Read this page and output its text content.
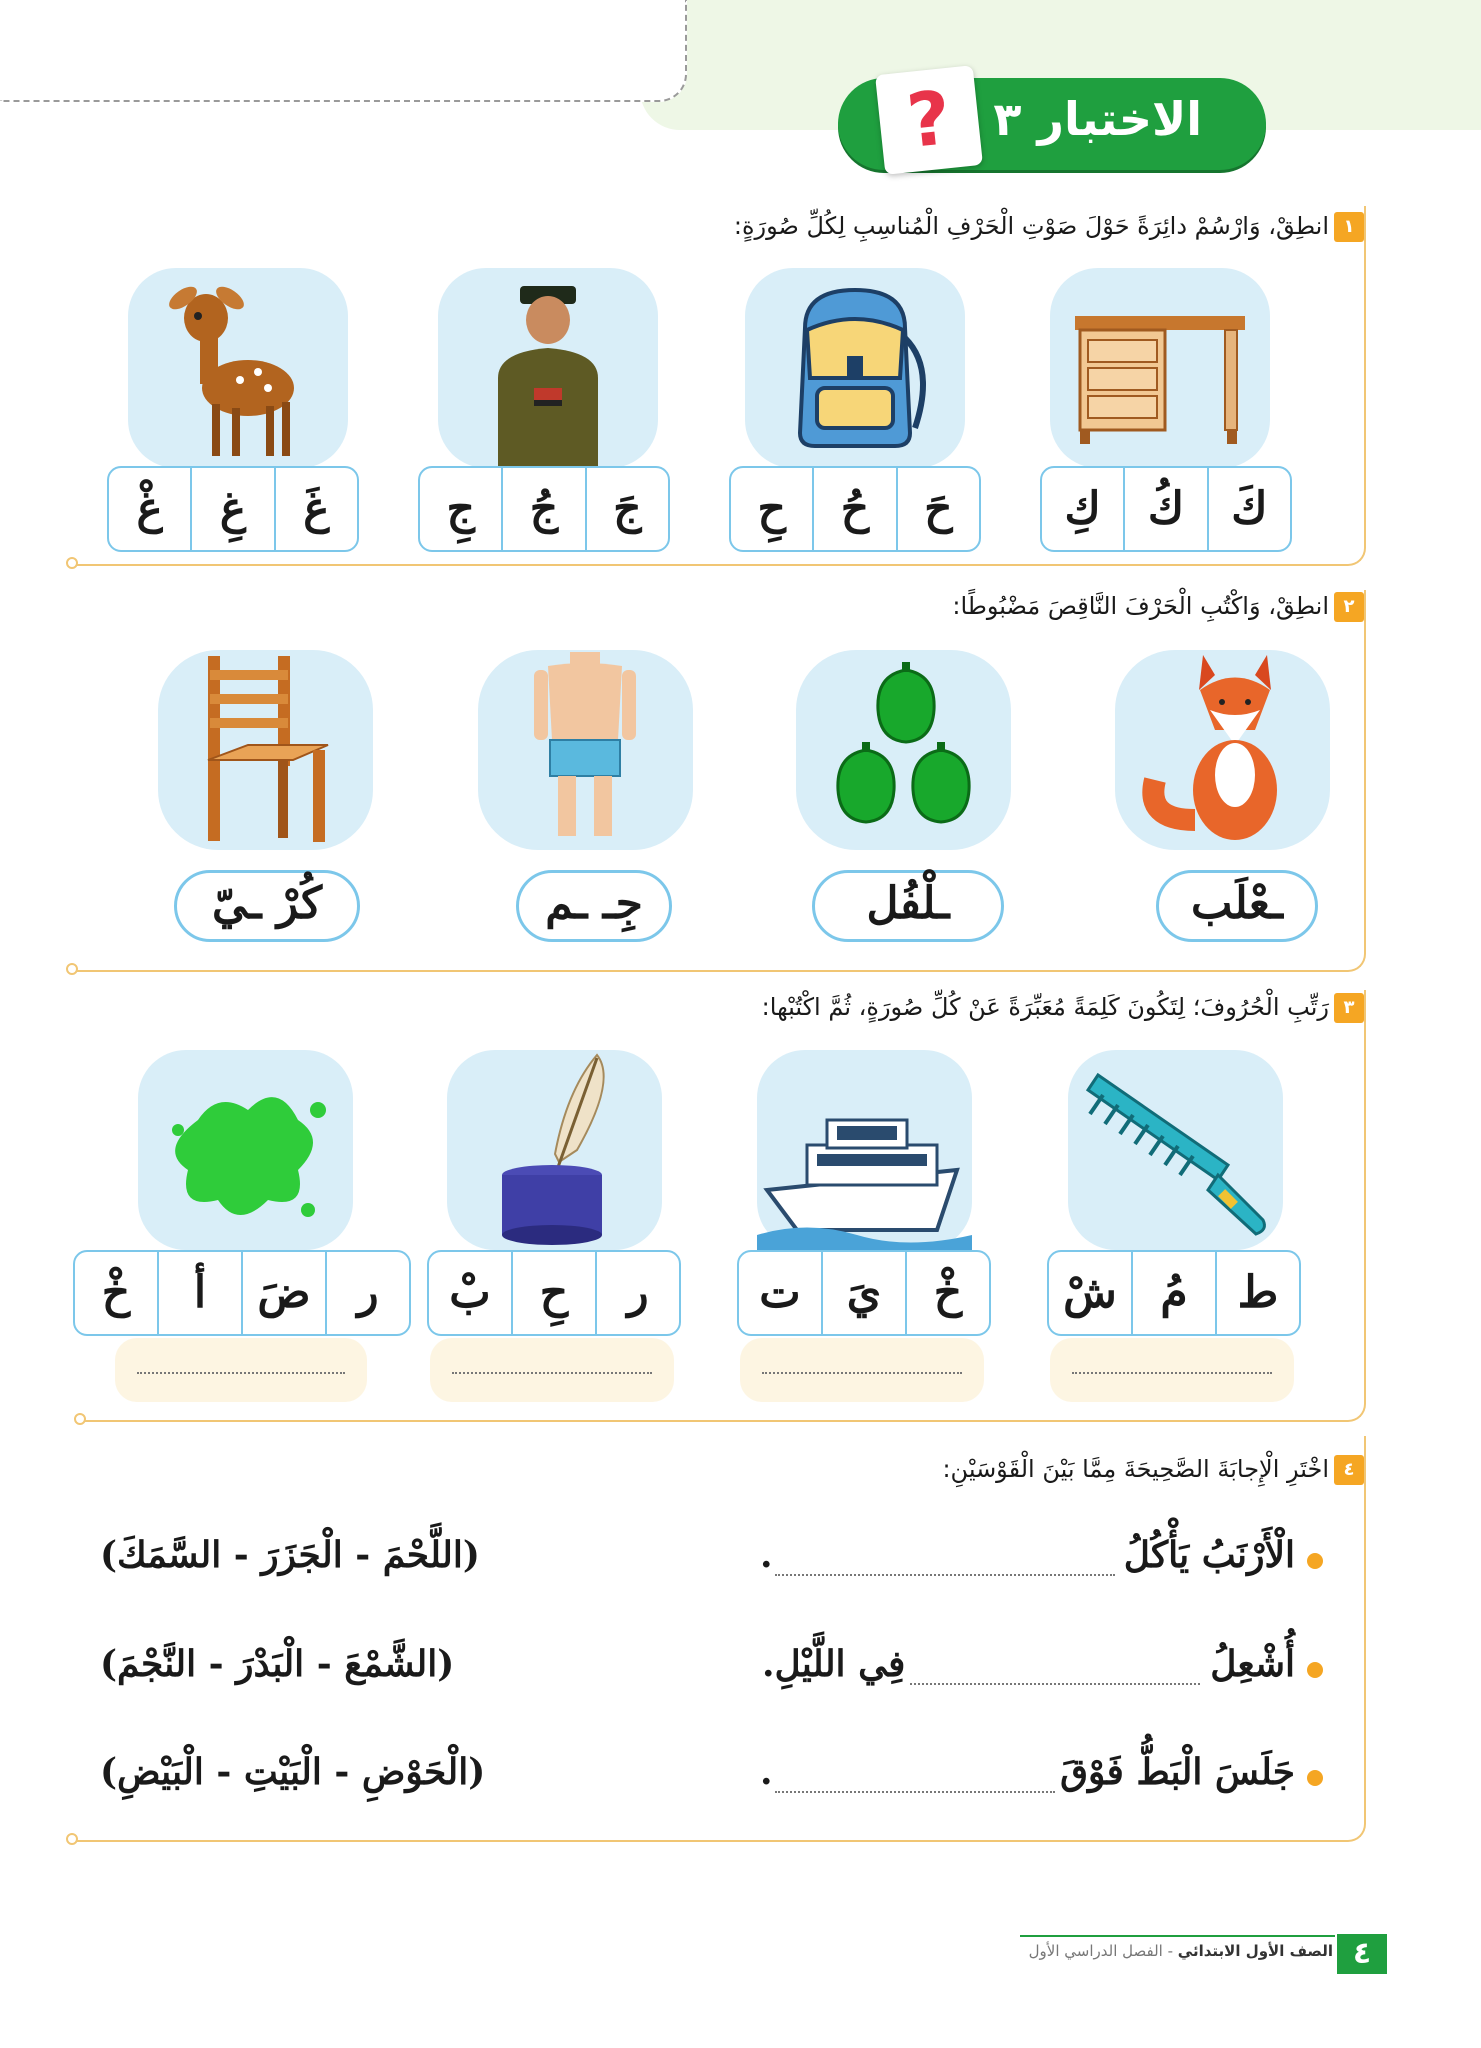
? الاختبار ٣
١
انطِقْ، وَارْسُمْ دائِرَةً حَوْلَ صَوْتِ الْحَرْفِ الْمُناسِبِ لِكُلِّ صُورَةٍ:
كَ
كُ
كِ
حَ
حُ
حِ
جَ
جُ
جِ
غَ
غِ
غْ
٢
انطِقْ، وَاكْتُبِ الْحَرْفَ النَّاقِصَ مَضْبُوطًا:
ـعْلَب
ـلْفُل
جِـ ـم
كُرْ ـيّ
٣
رَتِّبِ الْحُرُوفَ؛ لِتَكُونَ كَلِمَةً مُعَبِّرَةً عَنْ كُلِّ صُورَةٍ، ثُمَّ اكْتُبْها:
ط
مُ
شْ
خْ
يَ
ت
ر
حِ
بْ
ر
ضَ
أ
خْ
٤
اخْتَرِ الْإِجابَةَ الصَّحِيحَةَ مِمَّا بَيْنَ الْقَوْسَيْنِ:
الْأَرْنَبُ يَأْكُلُ
.
(اللَّحْمَ - الْجَزَرَ - السَّمَكَ)
أُشْعِلُ
فِي اللَّيْلِ.
(الشَّمْعَ - الْبَدْرَ - النَّجْمَ)
جَلَسَ الْبَطُّ فَوْقَ
.
(الْحَوْضِ - الْبَيْتِ - الْبَيْضِ)
٤
الصف الأول الابتدائي - الفصل الدراسي الأول
